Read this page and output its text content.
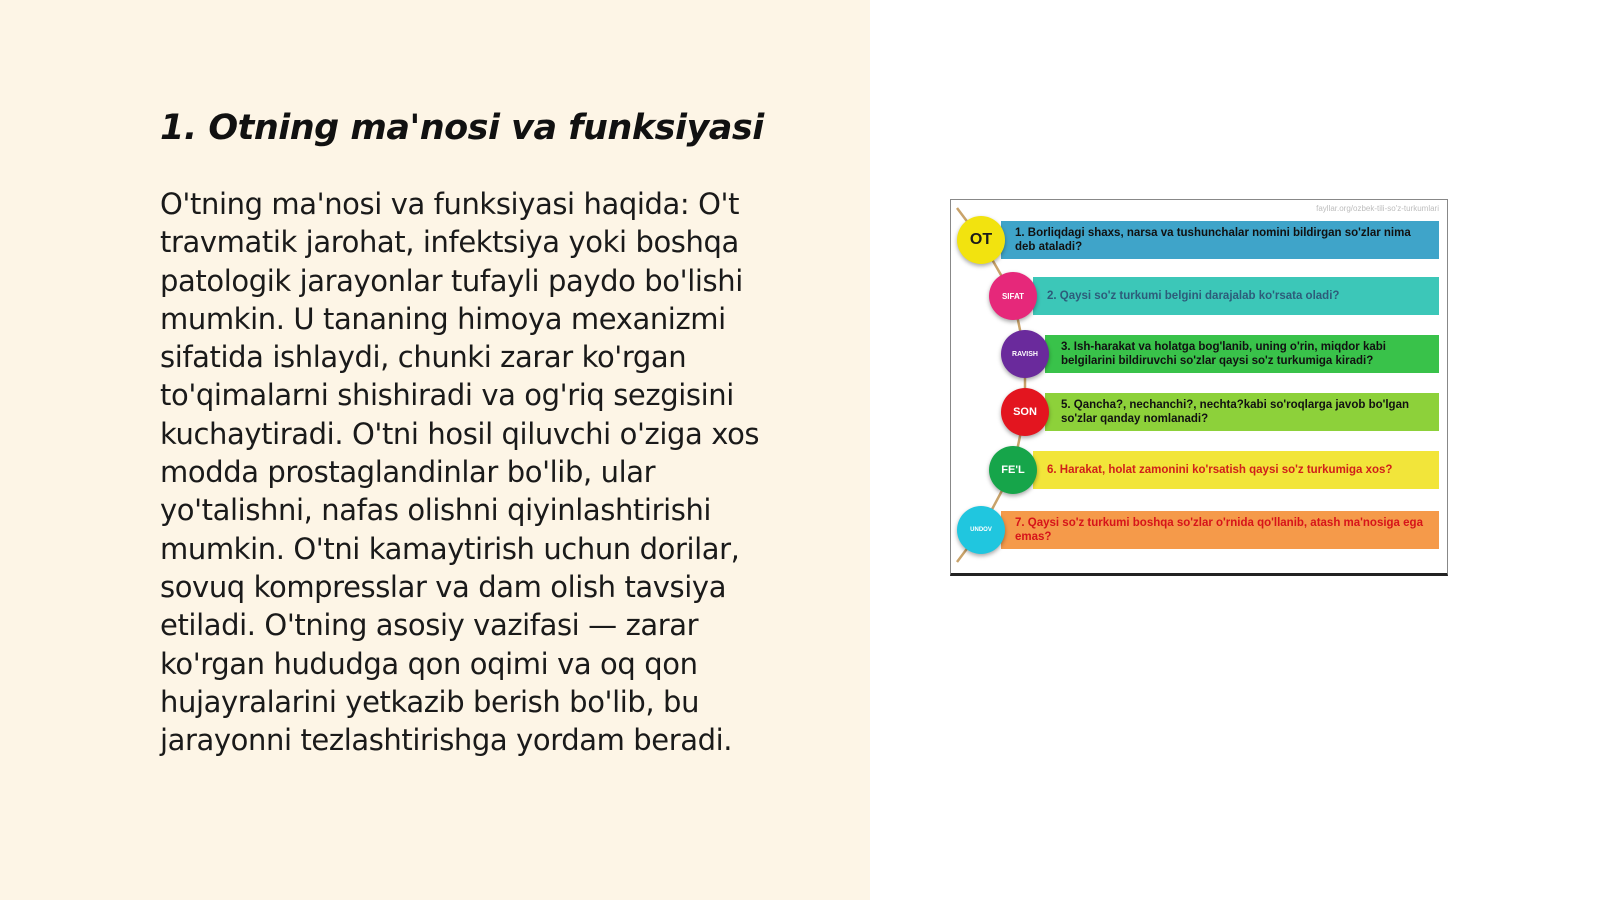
1. Otning ma'nosi va funksiyasi

O'tning ma'nosi va funksiyasi haqida: O't travmatik jarohat, infektsiya yoki boshqa patologik jarayonlar tufayli paydo bo'lishi mumkin. U tananing himoya mexanizmi sifatida ishlaydi, chunki zarar ko'rgan to'qimalarni shishiradi va og'riq sezgisini kuchaytiradi. O'tni hosil qiluvchi o'ziga xos modda prostaglandinlar bo'lib, ular yo'talishni, nafas olishni qiyinlashtirishi mumkin. O'tni kamaytirish uchun dorilar, sovuq kompresslar va dam olish tavsiya etiladi. O'tning asosiy vazifasi — zarar ko'rgan hududga qon oqimi va oq qon hujayralarini yetkazib berish bo'lib, bu jarayonni tezlashtirishga yordam beradi.

fayllar.org/ozbek-tili-so'z-turkumlari
1. Borliqdagi shaxs, narsa va tushunchalar nomini bildirgan so'zlar nima deb ataladi?
OT
2. Qaysi so'z turkumi belgini darajalab ko'rsata oladi?
SIFAT
3. Ish-harakat va holatga bog'lanib, uning o'rin, miqdor kabi belgilarini bildiruvchi so'zlar qaysi so'z turkumiga kiradi?
RAVISH
5. Qancha?, nechanchi?, nechta?kabi so'roqlarga javob bo'lgan so'zlar qanday nomlanadi?
SON
6. Harakat, holat zamonini ko'rsatish qaysi so'z turkumiga xos?
FE'L
7. Qaysi so'z turkumi boshqa so'zlar o'rnida qo'llanib, atash ma'nosiga ega emas?
UNDOV
